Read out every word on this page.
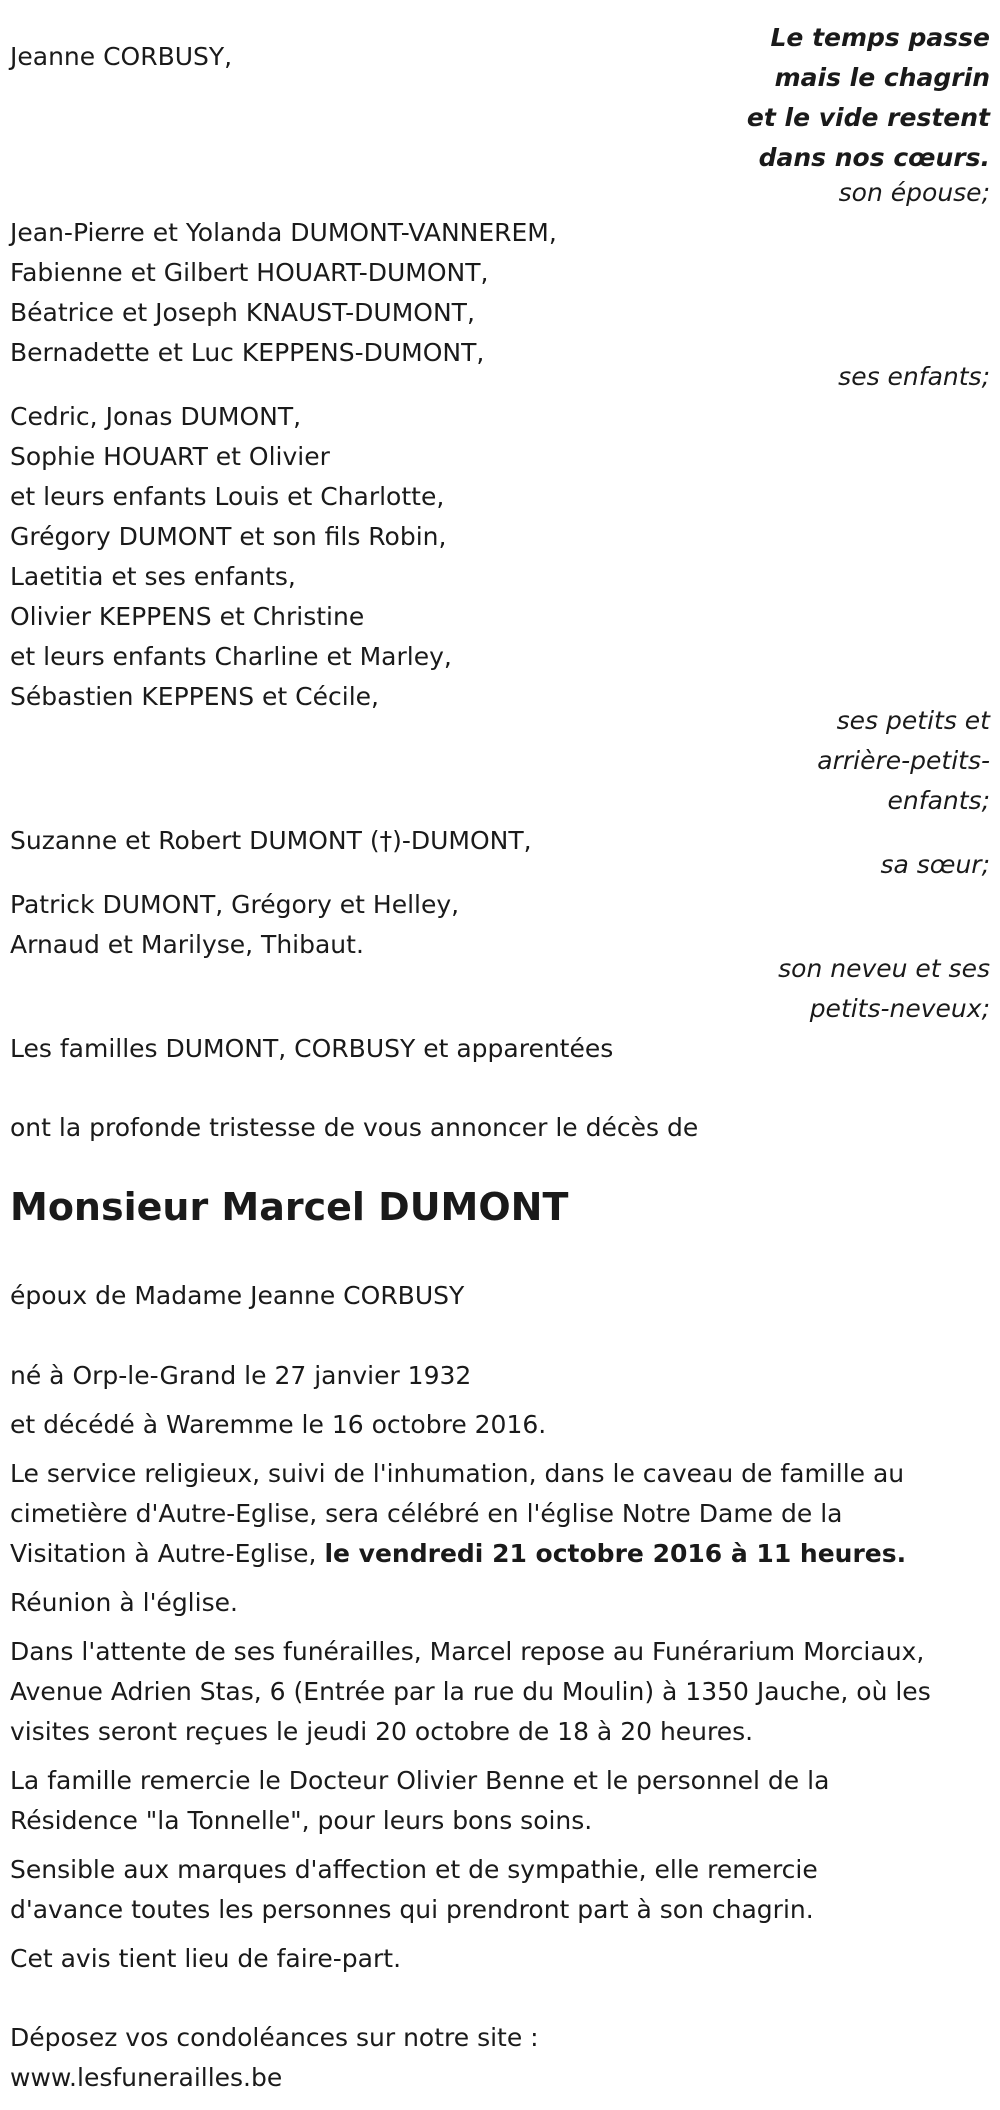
Jeanne CORBUSY,

Le temps passe
mais le chagrin
et le vide restent
dans nos cœurs.

son épouse;

Jean-Pierre et Yolanda DUMONT-VANNEREM,
Fabienne et Gilbert HOUART-DUMONT,
Béatrice et Joseph KNAUST-DUMONT,
Bernadette et Luc KEPPENS-DUMONT,

ses enfants;

Cedric, Jonas DUMONT,
Sophie HOUART et Olivier
et leurs enfants Louis et Charlotte,
Grégory DUMONT et son fils Robin,
Laetitia et ses enfants,
Olivier KEPPENS et Christine
et leurs enfants Charline et Marley,
Sébastien KEPPENS et Cécile,
ses petits et
arrière-petits-
enfants;

Suzanne et Robert DUMONT (†)-DUMONT,

sa sœur;

Patrick DUMONT, Grégory et Helley,
Arnaud et Marilyse, Thibaut.
son neveu et ses
petits-neveux;

Les familles DUMONT, CORBUSY et apparentées

ont la profonde tristesse de vous annoncer le décès de

Monsieur Marcel DUMONT

époux de Madame Jeanne CORBUSY

né à Orp-le-Grand le 27 janvier 1932

et décédé à Waremme le 16 octobre 2016.

Le service religieux, suivi de l'inhumation, dans le caveau de famille au
cimetière d'Autre-Eglise, sera célébré en l'église Notre Dame de la
Visitation à Autre-Eglise, le vendredi 21 octobre 2016 à 11 heures.

Réunion à l'église.

Dans l'attente de ses funérailles, Marcel repose au Funérarium Morciaux,
Avenue Adrien Stas, 6 (Entrée par la rue du Moulin) à 1350 Jauche, où les
visites seront reçues le jeudi 20 octobre de 18 à 20 heures.
La famille remercie le Docteur Olivier Benne et le personnel de la
Résidence "la Tonnelle", pour leurs bons soins.
Sensible aux marques d'affection et de sympathie, elle remercie
d'avance toutes les personnes qui prendront part à son chagrin.

Cet avis tient lieu de faire-part.

Déposez vos condoléances sur notre site :
www.lesfunerailles.be
